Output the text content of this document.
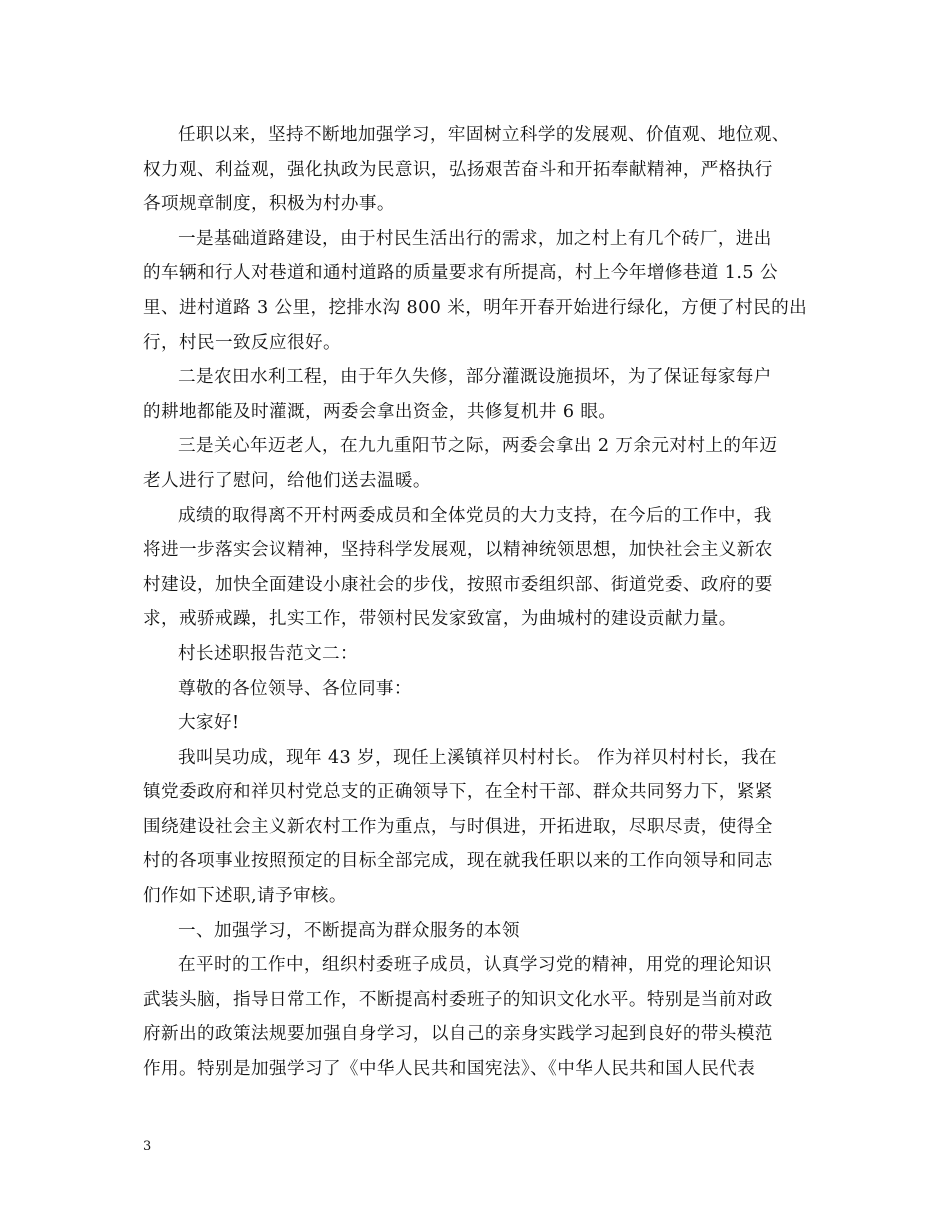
任职以来，坚持不断地加强学习，牢固树立科学的发展观、价值观、地位观、
权力观、利益观，强化执政为民意识，弘扬艰苦奋斗和开拓奉献精神，严格执行
各项规章制度，积极为村办事。
一是基础道路建设，由于村民生活出行的需求，加之村上有几个砖厂，进出
的车辆和行人对巷道和通村道路的质量要求有所提高，村上今年增修巷道 1.5 公
里、进村道路 3 公里，挖排水沟 800 米，明年开春开始进行绿化，方便了村民的出
行，村民一致反应很好。
二是农田水利工程，由于年久失修，部分灌溉设施损坏，为了保证每家每户
的耕地都能及时灌溉，两委会拿出资金，共修复机井 6 眼。
三是关心年迈老人，在九九重阳节之际，两委会拿出 2 万余元对村上的年迈
老人进行了慰问，给他们送去温暖。
成绩的取得离不开村两委成员和全体党员的大力支持，在今后的工作中，我
将进一步落实会议精神，坚持科学发展观，以精神统领思想，加快社会主义新农
村建设，加快全面建设小康社会的步伐，按照市委组织部、街道党委、政府的要
求，戒骄戒躁，扎实工作，带领村民发家致富，为曲城村的建设贡献力量。
村长述职报告范文二：
尊敬的各位领导、各位同事：
大家好!
我叫吴功成，现年 43 岁，现任上溪镇祥贝村村长。 作为祥贝村村长，我在
镇党委政府和祥贝村党总支的正确领导下，在全村干部、群众共同努力下，紧紧
围绕建设社会主义新农村工作为重点，与时俱进，开拓进取，尽职尽责，使得全
村的各项事业按照预定的目标全部完成，现在就我任职以来的工作向领导和同志
们作如下述职,请予审核。
一、加强学习，不断提高为群众服务的本领
在平时的工作中，组织村委班子成员，认真学习党的精神，用党的理论知识
武装头脑，指导日常工作，不断提高村委班子的知识文化水平。特别是当前对政
府新出的政策法规要加强自身学习，以自己的亲身实践学习起到良好的带头模范
作用。特别是加强学习了《中华人民共和国宪法》、《中华人民共和国人民代表
3
